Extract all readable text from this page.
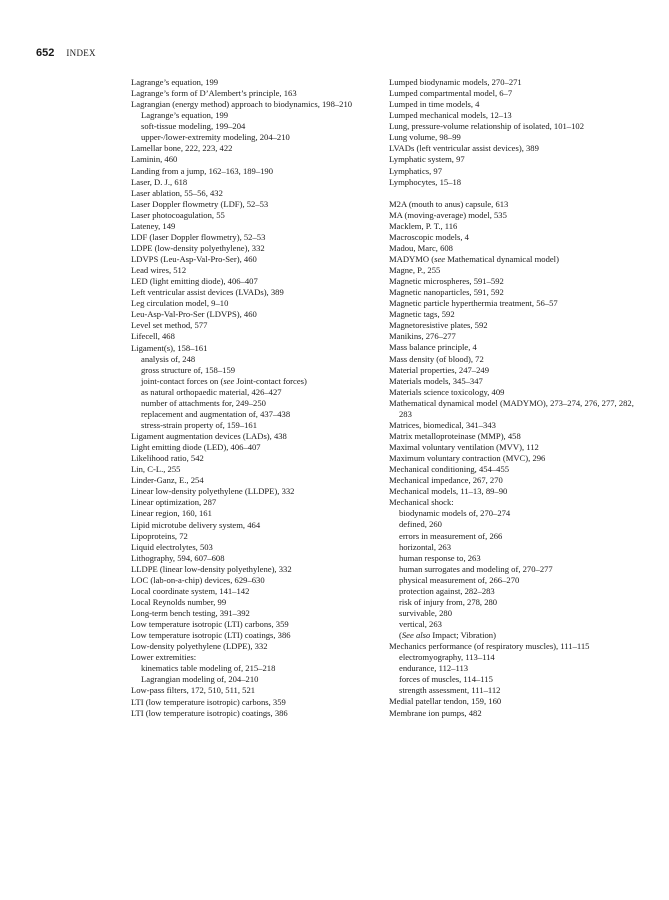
652 INDEX
Lagrange’s equation, 199
Lagrange’s form of D’Alembert’s principle, 163
Lagrangian (energy method) approach to biodynamics, 198–210
Lagrange’s equation, 199
soft-tissue modeling, 199–204
upper-/lower-extremity modeling, 204–210
Lamellar bone, 222, 223, 422
Laminin, 460
Landing from a jump, 162–163, 189–190
Laser, D. J., 618
Laser ablation, 55–56, 432
Laser Doppler flowmetry (LDF), 52–53
Laser photocoagulation, 55
Lateney, 149
LDF (laser Doppler flowmetry), 52–53
LDPE (low-density polyethylene), 332
LDVPS (Leu-Asp-Val-Pro-Ser), 460
Lead wires, 512
LED (light emitting diode), 406–407
Left ventricular assist devices (LVADs), 389
Leg circulation model, 9–10
Leu-Asp-Val-Pro-Ser (LDVPS), 460
Level set method, 577
Lifecell, 468
Ligament(s), 158–161
analysis of, 248
gross structure of, 158–159
joint-contact forces on (see Joint-contact forces)
as natural orthopaedic material, 426–427
number of attachments for, 249–250
replacement and augmentation of, 437–438
stress-strain property of, 159–161
Ligament augmentation devices (LADs), 438
Light emitting diode (LED), 406–407
Likelihood ratio, 542
Lin, C-L., 255
Linder-Ganz, E., 254
Linear low-density polyethylene (LLDPE), 332
Linear optimization, 287
Linear region, 160, 161
Lipid microtube delivery system, 464
Lipoproteins, 72
Liquid electrolytes, 503
Lithography, 594, 607–608
LLDPE (linear low-density polyethylene), 332
LOC (lab-on-a-chip) devices, 629–630
Local coordinate system, 141–142
Local Reynolds number, 99
Long-term bench testing, 391–392
Low temperature isotropic (LTI) carbons, 359
Low temperature isotropic (LTI) coatings, 386
Low-density polyethylene (LDPE), 332
Lower extremities:
kinematics table modeling of, 215–218
Lagrangian modeling of, 204–210
Low-pass filters, 172, 510, 511, 521
LTI (low temperature isotropic) carbons, 359
LTI (low temperature isotropic) coatings, 386
Lumped biodynamic models, 270–271
Lumped compartmental model, 6–7
Lumped in time models, 4
Lumped mechanical models, 12–13
Lung, pressure-volume relationship of isolated, 101–102
Lung volume, 98–99
LVADs (left ventricular assist devices), 389
Lymphatic system, 97
Lymphatics, 97
Lymphocytes, 15–18
M2A (mouth to anus) capsule, 613
MA (moving-average) model, 535
Macklem, P. T., 116
Macroscopic models, 4
Madou, Marc, 608
MADYMO (see Mathematical dynamical model)
Magne, P., 255
Magnetic microspheres, 591–592
Magnetic nanoparticles, 591, 592
Magnetic particle hyperthermia treatment, 56–57
Magnetic tags, 592
Magnetoresistive plates, 592
Manikins, 276–277
Mass balance principle, 4
Mass density (of blood), 72
Material properties, 247–249
Materials models, 345–347
Materials science toxicology, 409
Mathematical dynamical model (MADYMO), 273–274, 276, 277, 282, 283
Matrices, biomedical, 341–343
Matrix metalloproteinase (MMP), 458
Maximal voluntary ventilation (MVV), 112
Maximum voluntary contraction (MVC), 296
Mechanical conditioning, 454–455
Mechanical impedance, 267, 270
Mechanical models, 11–13, 89–90
Mechanical shock:
biodynamic models of, 270–274
defined, 260
errors in measurement of, 266
horizontal, 263
human response to, 263
human surrogates and modeling of, 270–277
physical measurement of, 266–270
protection against, 282–283
risk of injury from, 278, 280
survivable, 280
vertical, 263
(See also Impact; Vibration)
Mechanics performance (of respiratory muscles), 111–115
electromyography, 113–114
endurance, 112–113
forces of muscles, 114–115
strength assessment, 111–112
Medial patellar tendon, 159, 160
Membrane ion pumps, 482
